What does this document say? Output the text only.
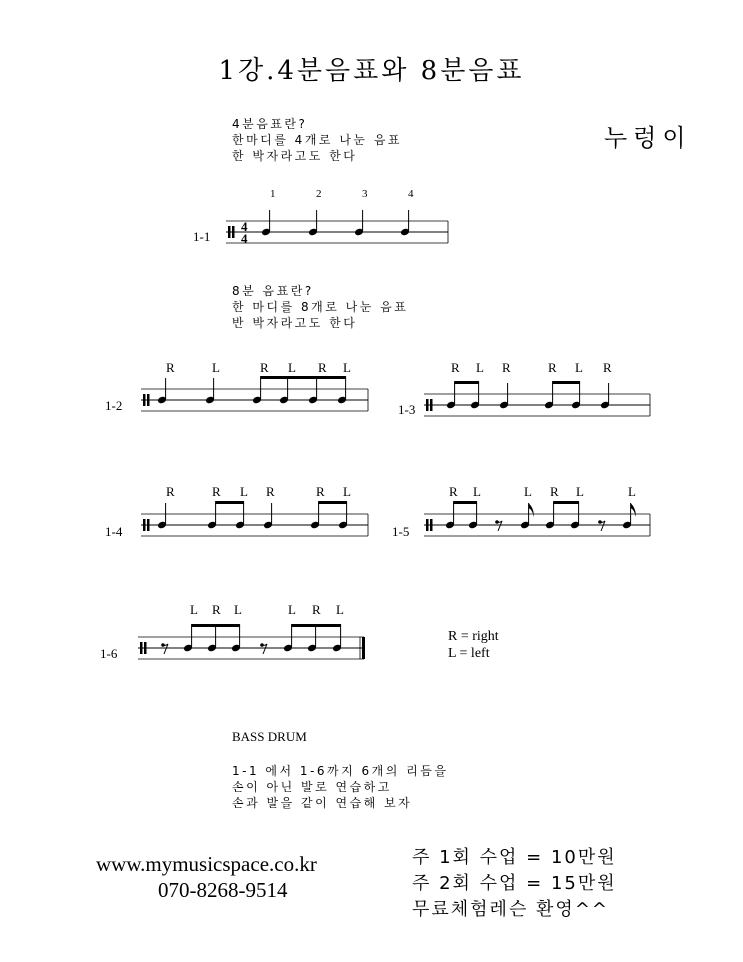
1강.4분음표와 8분음표
누렁이
4분음표란?
한마디를 4개로 나눈 음표
한 박자라고도 한다
8분 음표란?
한 마디를 8개로 나눈 음표
반 박자라고도 한다
1-1
1-2	1-3
1-4	1-5
1-6
1	2	3	4
R	L	R L R L	R L R	R L R
R	R L R	R L	R L	L R L	L
L R L	L R L
R = right
L = left
BASS DRUM
1-1 에서 1-6까지 6개의 리듬을
손이 아닌 발로 연습하고
손과 발을 같이 연습해 보자
www.mymusicspace.co.kr
070-8268-9514
주 1회 수업 = 10만원
주 2회 수업 = 15만원
무료체험레슨 환영^^
4
4
